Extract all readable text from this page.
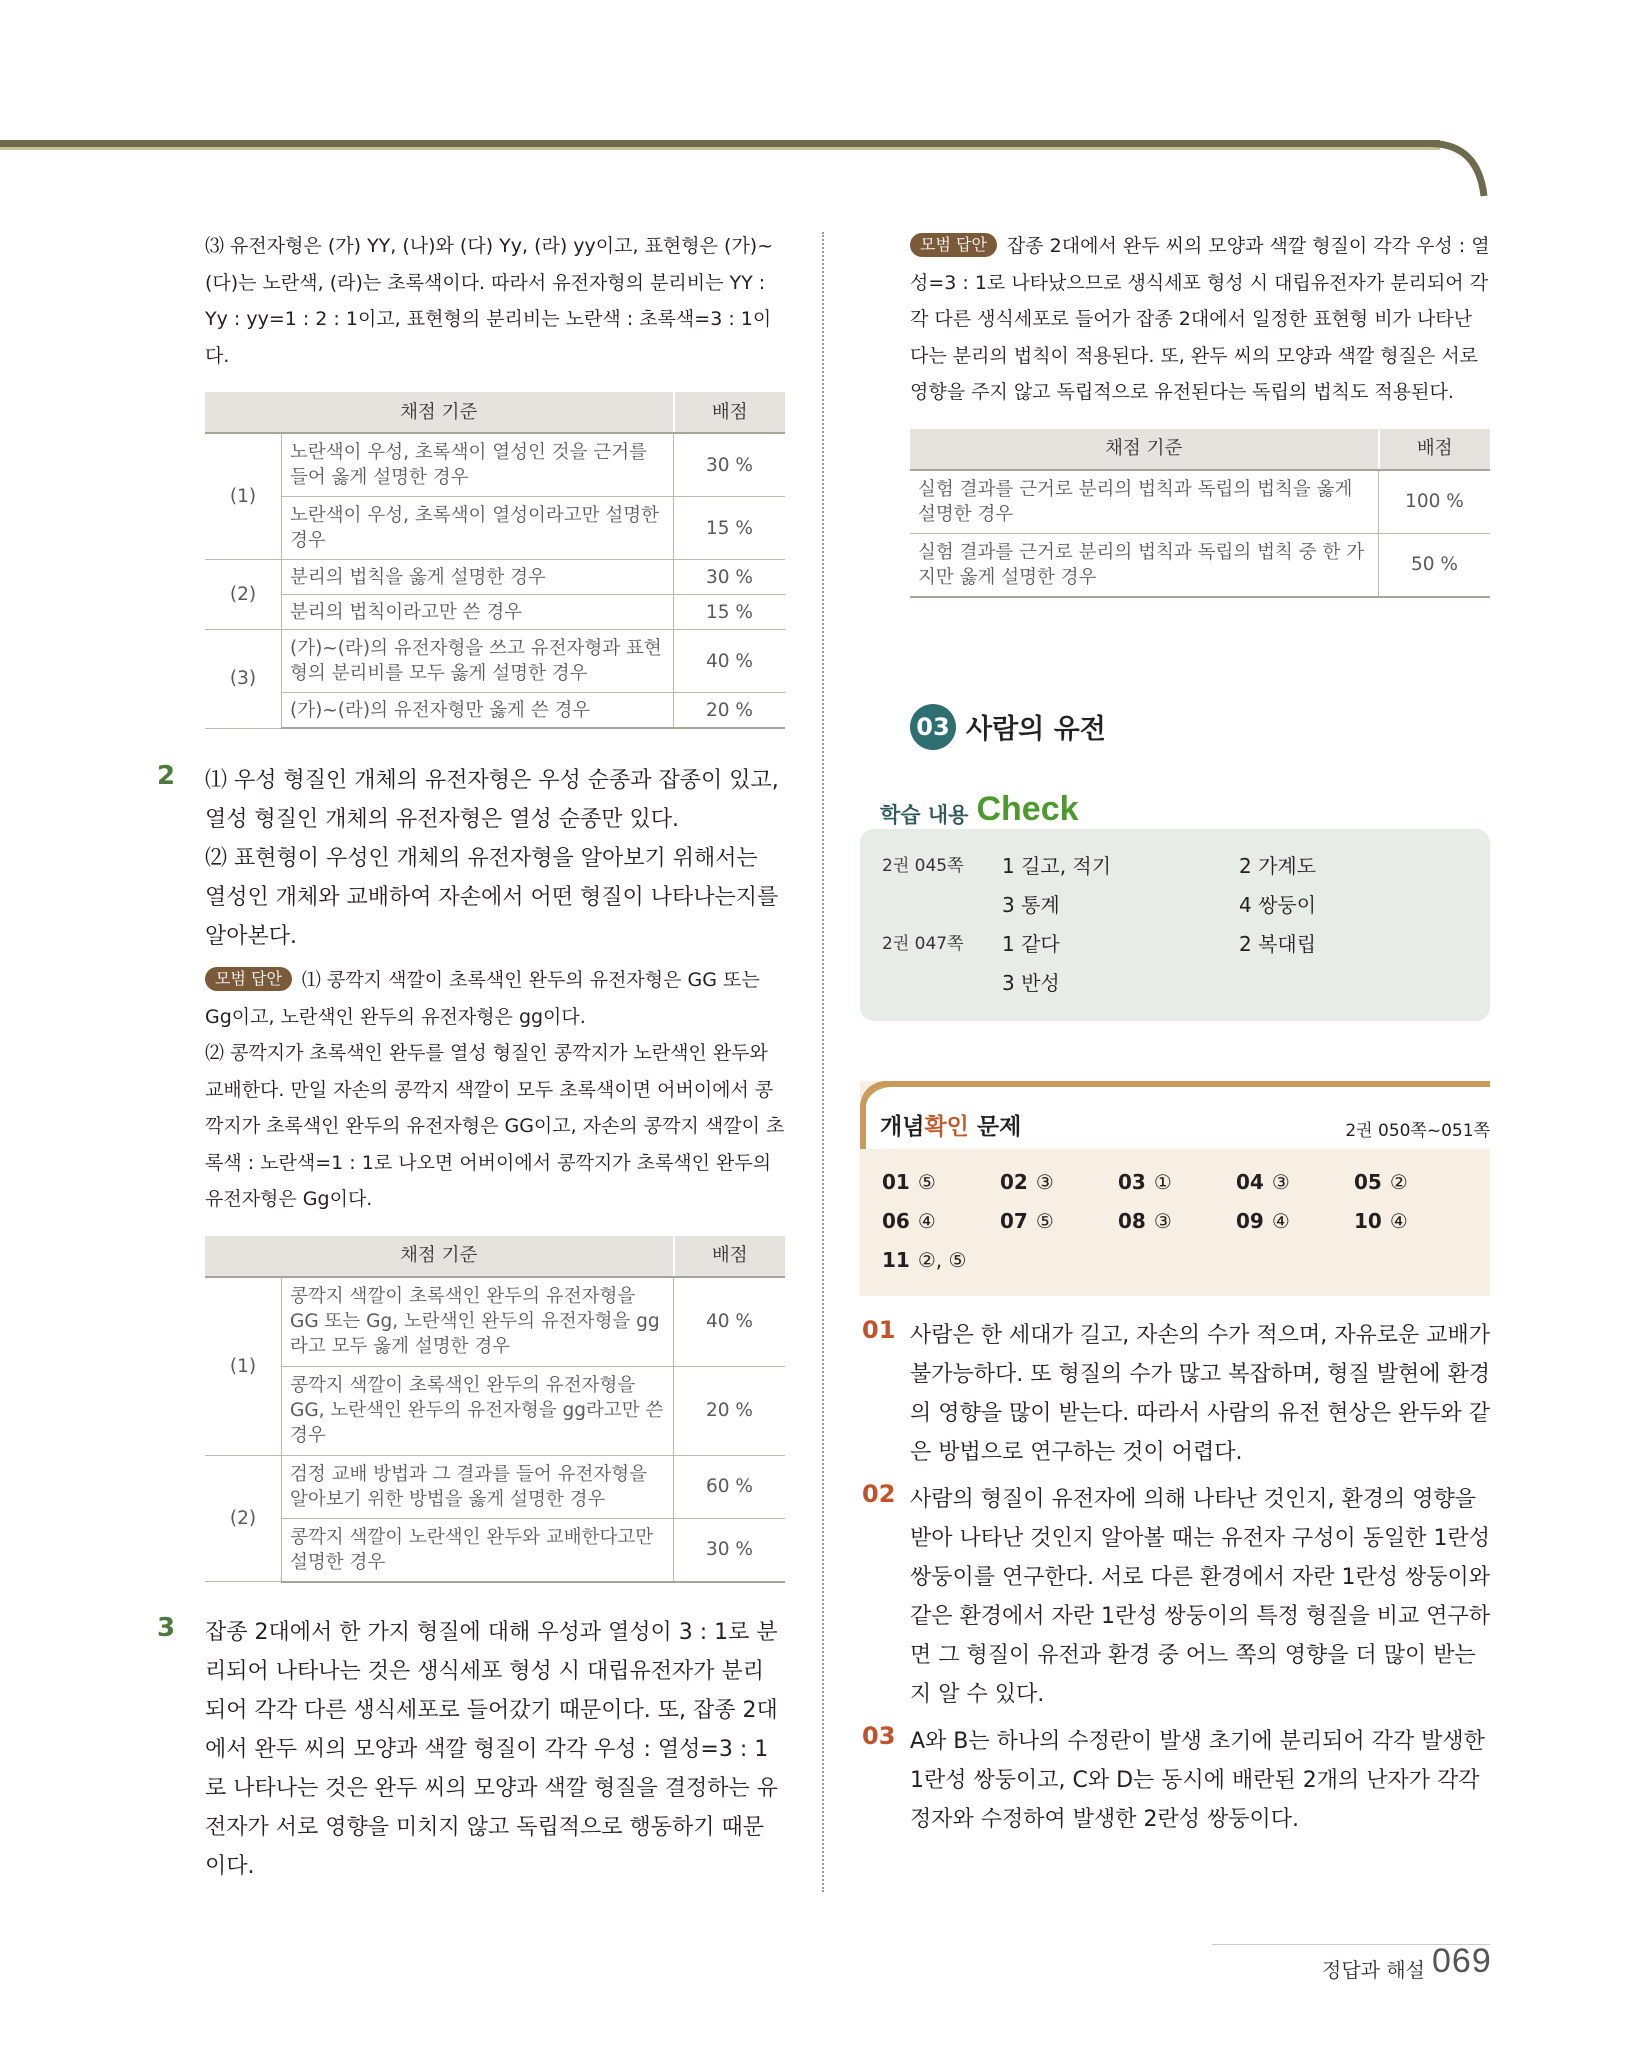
⑶ 유전자형은 (가) YY, (나)와 (다) Yy, (라) yy이고, 표현형은 (가)~(다)는 노란색, (라)는 초록색이다. 따라서 유전자형의 분리비는 YY : Yy : yy=1 : 2 : 1이고, 표현형의 분리비는 노란색 : 초록색=3 : 1이다.

채점 기준		배점
(1)	노란색이 우성, 초록색이 열성인 것을 근거를 들어 옳게 설명한 경우	30 %
	노란색이 우성, 초록색이 열성이라고만 설명한 경우	15 %
(2)	분리의 법칙을 옳게 설명한 경우	30 %
	분리의 법칙이라고만 쓴 경우	15 %
(3)	(가)~(라)의 유전자형을 쓰고 유전자형과 표현형의 분리비를 모두 옳게 설명한 경우	40 %
	(가)~(라)의 유전자형만 옳게 쓴 경우	20 %
2 ⑴ 우성 형질인 개체의 유전자형은 우성 순종과 잡종이 있고, 열성 형질인 개체의 유전자형은 열성 순종만 있다.

⑵ 표현형이 우성인 개체의 유전자형을 알아보기 위해서는 열성인 개체와 교배하여 자손에서 어떤 형질이 나타나는지를 알아본다.

모범 답안 ⑴ 콩깍지 색깔이 초록색인 완두의 유전자형은 GG 또는 Gg이고, 노란색인 완두의 유전자형은 gg이다.

⑵ 콩깍지가 초록색인 완두를 열성 형질인 콩깍지가 노란색인 완두와 교배한다. 만일 자손의 콩깍지 색깔이 모두 초록색이면 어버이에서 콩깍지가 초록색인 완두의 유전자형은 GG이고, 자손의 콩깍지 색깔이 초록색 : 노란색=1 : 1로 나오면 어버이에서 콩깍지가 초록색인 완두의 유전자형은 Gg이다.

채점 기준		배점
(1)	콩깍지 색깔이 초록색인 완두의 유전자형을 GG 또는 Gg, 노란색인 완두의 유전자형을 gg라고 모두 옳게 설명한 경우	40 %
	콩깍지 색깔이 초록색인 완두의 유전자형을 GG, 노란색인 완두의 유전자형을 gg라고만 쓴 경우	20 %
(2)	검정 교배 방법과 그 결과를 들어 유전자형을 알아보기 위한 방법을 옳게 설명한 경우	60 %
	콩깍지 색깔이 노란색인 완두와 교배한다고만 설명한 경우	30 %
3 잡종 2대에서 한 가지 형질에 대해 우성과 열성이 3 : 1로 분리되어 나타나는 것은 생식세포 형성 시 대립유전자가 분리되어 각각 다른 생식세포로 들어갔기 때문이다. 또, 잡종 2대에서 완두 씨의 모양과 색깔 형질이 각각 우성 : 열성=3 : 1로 나타나는 것은 완두 씨의 모양과 색깔 형질을 결정하는 유전자가 서로 영향을 미치지 않고 독립적으로 행동하기 때문이다.

모범 답안 잡종 2대에서 완두 씨의 모양과 색깔 형질이 각각 우성 : 열성=3 : 1로 나타났으므로 생식세포 형성 시 대립유전자가 분리되어 각각 다른 생식세포로 들어가 잡종 2대에서 일정한 표현형 비가 나타난다는 분리의 법칙이 적용된다. 또, 완두 씨의 모양과 색깔 형질은 서로 영향을 주지 않고 독립적으로 유전된다는 독립의 법칙도 적용된다.

채점 기준	배점
실험 결과를 근거로 분리의 법칙과 독립의 법칙을 옳게 설명한 경우	100 %
실험 결과를 근거로 분리의 법칙과 독립의 법칙 중 한 가지만 옳게 설명한 경우	50 %
03 사람의 유전
학습 내용 Check
2권 045쪽	1 길고, 적기	2 가계도
3 통계	4 쌍둥이
2권 047쪽	1 같다	2 복대립
3 반성
개념확인 문제	2권 050쪽~051쪽
01 ⑤	02 ③	03 ①	04 ③	05 ②
06 ④	07 ⑤	08 ③	09 ④	10 ④
11 ②, ⑤
01 사람은 한 세대가 길고, 자손의 수가 적으며, 자유로운 교배가 불가능하다. 또 형질의 수가 많고 복잡하며, 형질 발현에 환경의 영향을 많이 받는다. 따라서 사람의 유전 현상은 완두와 같은 방법으로 연구하는 것이 어렵다.

02 사람의 형질이 유전자에 의해 나타난 것인지, 환경의 영향을 받아 나타난 것인지 알아볼 때는 유전자 구성이 동일한 1란성 쌍둥이를 연구한다. 서로 다른 환경에서 자란 1란성 쌍둥이와 같은 환경에서 자란 1란성 쌍둥이의 특정 형질을 비교 연구하면 그 형질이 유전과 환경 중 어느 쪽의 영향을 더 많이 받는지 알 수 있다.

03 A와 B는 하나의 수정란이 발생 초기에 분리되어 각각 발생한 1란성 쌍둥이고, C와 D는 동시에 배란된 2개의 난자가 각각 정자와 수정하여 발생한 2란성 쌍둥이다.

정답과 해설 069
